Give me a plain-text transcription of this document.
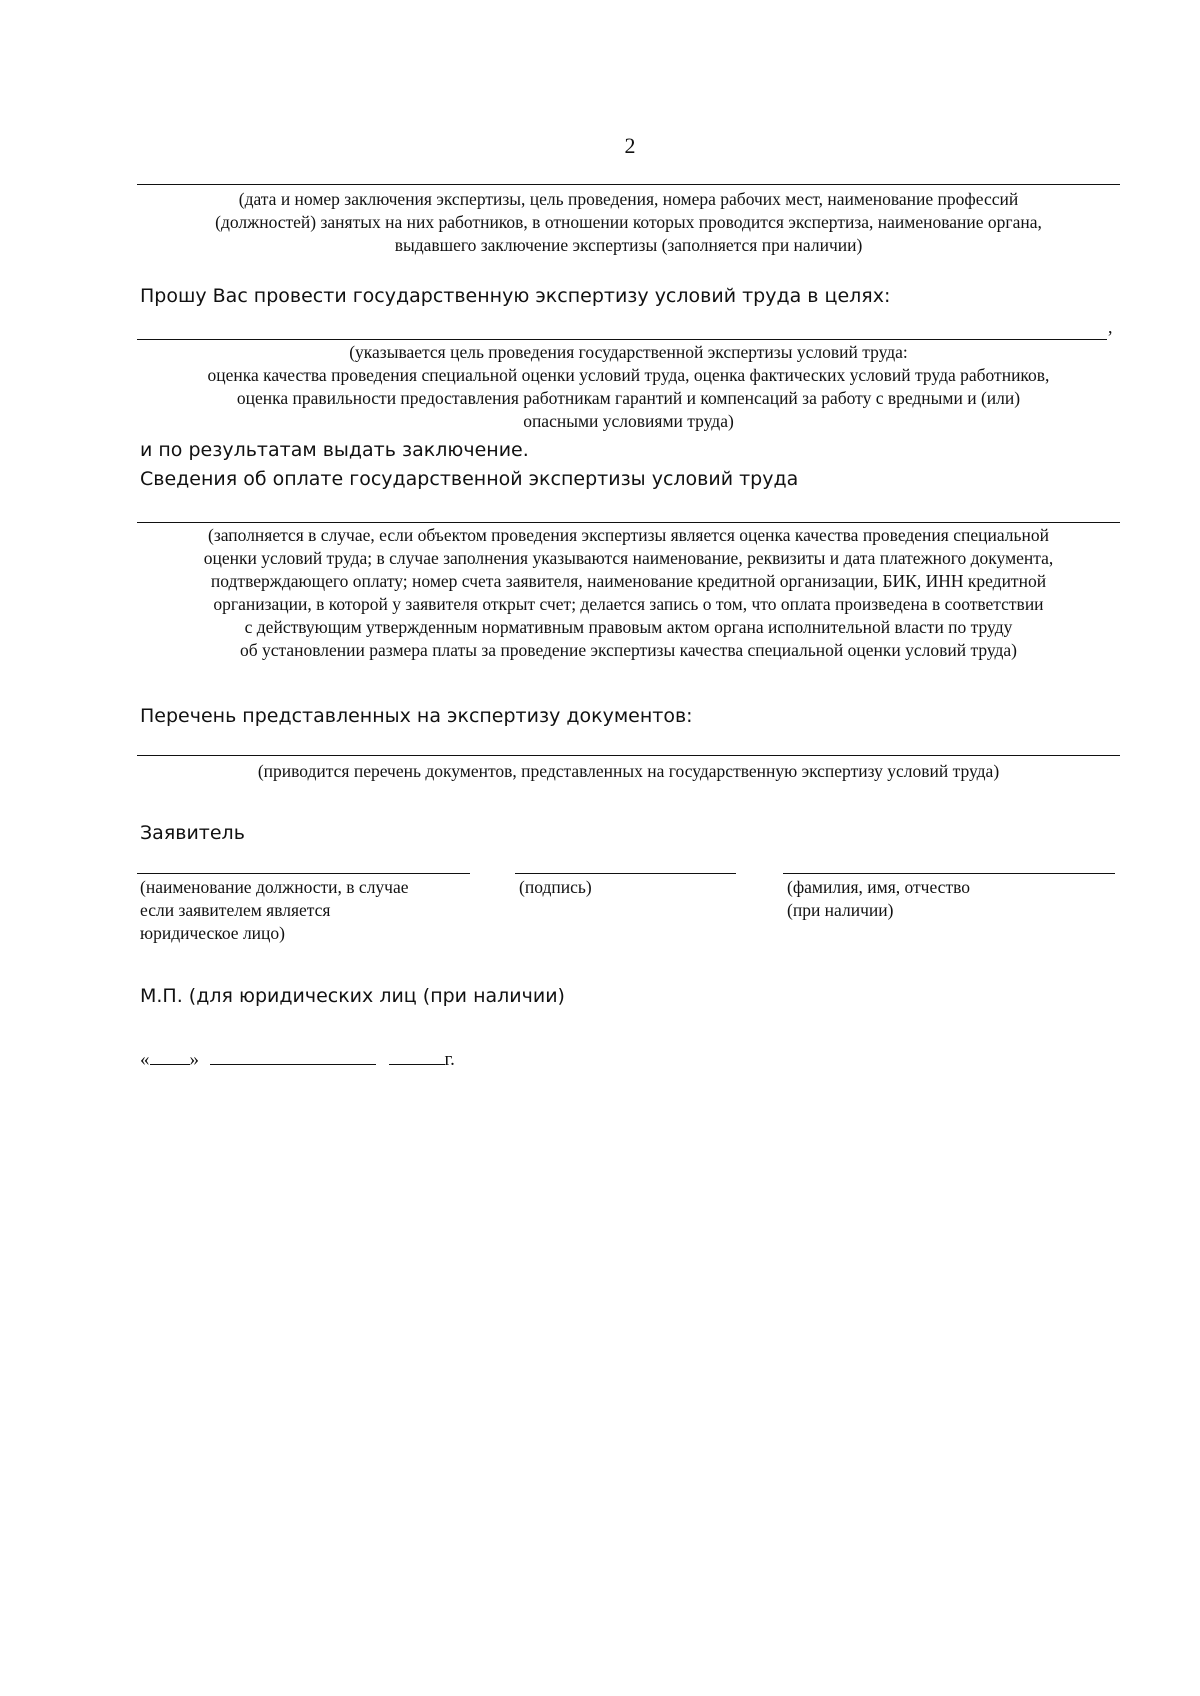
2
(дата и номер заключения экспертизы, цель проведения, номера рабочих мест, наименование профессий
(должностей) занятых на них работников, в отношении которых проводится экспертиза, наименование органа,
выдавшего заключение экспертизы (заполняется при наличии)
Прошу Вас провести государственную экспертизу условий труда в целях:
,
(указывается цель проведения государственной экспертизы условий труда:
оценка качества проведения специальной оценки условий труда, оценка фактических условий труда работников,
оценка правильности предоставления работникам гарантий и компенсаций за работу с вредными и (или)
опасными условиями труда)
и по результатам выдать заключение.
Сведения об оплате государственной экспертизы условий труда
(заполняется в случае, если объектом проведения экспертизы является оценка качества проведения специальной
оценки условий труда; в случае заполнения указываются наименование, реквизиты и дата платежного документа,
подтверждающего оплату; номер счета заявителя, наименование кредитной организации, БИК, ИНН кредитной
организации, в которой у заявителя открыт счет; делается запись о том, что оплата произведена в соответствии
с действующим утвержденным нормативным правовым актом органа исполнительной власти по труду
об установлении размера платы за проведение экспертизы качества специальной оценки условий труда)
Перечень представленных на экспертизу документов:
(приводится перечень документов, представленных на государственную экспертизу условий труда)
Заявитель
(наименование должности, в случае
если заявителем является
юридическое лицо)
(подпись)	(фамилия, имя, отчество
(при наличии)
М.П. (для юридических лиц (при наличии)
« »	г.
